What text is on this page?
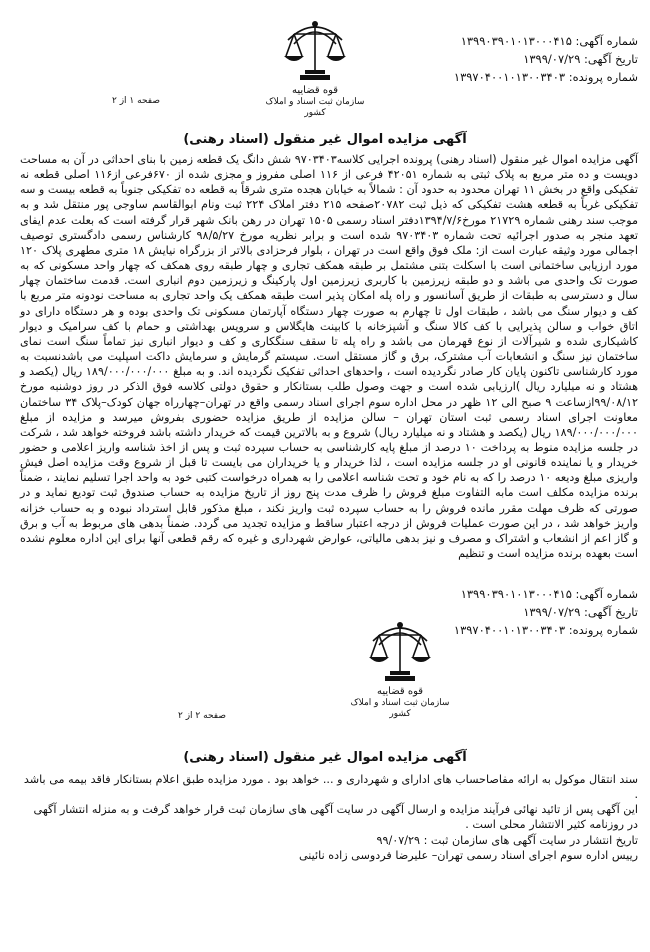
شماره آگهی: ۱۳۹۹۰۳۹۰۱۰۱۳۰۰۰۴۱۵
تاریخ آگهی: ۱۳۹۹/۰۷/۲۹
شماره پرونده: ۱۳۹۷۰۴۰۰۱۰۱۳۰۰۳۴۰۳
قوه قضاییه
سازمان ثبت اسناد و املاک کشور
صفحه ۱ از ۲
آگهی مزایده اموال غیر منقول (اسناد رهنی)

آگهی مزایده اموال غیر منقول (اسناد رهنی) پرونده اجرایی کلاسه۹۷۰۳۴۰۳ شش دانگ یک قطعه زمین با بنای احداثی در آن به مساحت دویست و ده متر مربع به پلاک ثبتی به شماره ۴۲۰۵۱ فرعی از ۱۱۶ اصلی مفروز و مجزی شده از ۶۷۰فرعی از۱۱۶ اصلی قطعه نه تفکیکی واقع در بخش ۱۱ تهران محدود به حدود آن : شمالاً به خیابان هجده متری شرقاً به قطعه ده تفکیکی جنوباً به قطعه بیست و سه تفکیکی غرباً به قطعه هشت تفکیکی که ذیل ثبت ۲۰۷۸۲صفحه ۲۱۵ دفتر املاک ۲۲۴ ثبت ونام ابوالقاسم ساوجی پور منتقل شد و به موجب سند رهنی شماره ۲۱۷۲۹ مورخ۱۳۹۴/۷/۶دفتر اسناد رسمی ۱۵۰۵ تهران در رهن بانک شهر قرار گرفته است که بعلت عدم ایفای تعهد منجر به صدور اجرائیه تحت شماره ۹۷۰۳۴۰۳ شده است و برابر نظریه مورخ ۹۸/۵/۲۷ کارشناس رسمی دادگستری توصیف اجمالی مورد وثیقه عبارت است از: ملک فوق واقع است در تهران ، بلوار فرحزادی بالاتر از بزرگراه نیایش ۱۸ متری مطهری پلاک ۱۲۰ مورد ارزیابی ساختمانی است با اسکلت بتنی مشتمل بر طبقه همکف تجاری و چهار طبقه روی همکف که چهار واحد مسکونی که به صورت تک واحدی می باشد و دو طبقه زیرزمین با کاربری زیرزمین اول پارکینگ و زیرزمین دوم انباری است. قدمت ساختمان چهار سال و دسترسی به طبقات از طریق آسانسور و راه پله امکان پذیر است طبقه همکف یک واحد تجاری به مساحت نودونه متر مربع با کف و دیوار سنگ می باشد ، طبقات اول تا چهارم به صورت چهار دستگاه آپارتمان مسکونی تک واحدی بوده و هر دستگاه دارای دو اتاق خواب و سالن پذیرایی با کف کالا سنگ و آشپزخانه با کابینت هایگلاس و سرویس بهداشتی و حمام با کف سرامیک و دیوار کاشیکاری شده و شیرآلات از نوع قهرمان می باشد و راه پله تا سقف سنگکاری و کف و دیوار انباری نیز تماماً سنگ است نمای ساختمان نیز سنگ و انشعابات آب مشترک، برق و گاز مستقل است. سیستم گرمایش و سرمایش داکت اسپلیت می باشدنسبت به مورد کارشناسی تاکنون پایان کار صادر نگردیده است ، واحدهای احداثی تفکیک نگردیده اند. و به مبلغ ۱۸۹/۰۰۰/۰۰۰/۰۰۰ ریال (یکصد و هشتاد و نه میلیارد ریال )ارزیابی شده است و جهت وصول طلب بستانکار و حقوق دولتی کلاسه فوق الذکر در روز دوشنبه مورخ ۹۹/۰۸/۱۲ازساعت ۹ صبح الی ۱۲ ظهر در محل اداره سوم اجرای اسناد رسمی واقع در تهران–چهارراه جهان کودک–پلاک ۳۴ ساختمان معاونت اجرای اسناد رسمی ثبت استان تهران – سالن مزایده از طریق مزایده حضوری بفروش میرسد و مزایده از مبلغ ۱۸۹/۰۰۰/۰۰۰/۰۰۰ ریال (یکصد و هشتاد و نه میلیارد ریال) شروع و به بالاترین قیمت که خریدار داشته باشد فروخته خواهد شد ، شرکت در جلسه مزایده منوط به پرداخت ۱۰ درصد از مبلغ پایه کارشناسی به حساب سپرده ثبت و پس از اخذ شناسه واریز اعلامی و حضور خریدار و یا نماینده قانونی او در جلسه مزایده است ، لذا خریدار و یا خریداران می بایست تا قبل از شروع وقت مزایده اصل فیش واریزی مبلغ ودیعه ۱۰ درصد را که به نام خود و تحت شناسه اعلامی را به همراه درخواست کتبی خود به واحد اجرا تسلیم نمایند ، ضمناً برنده مزایده مکلف است مابه التفاوت مبلغ فروش را ظرف مدت پنج روز از تاریخ مزایده به حساب صندوق ثبت تودیع نماید و در صورتی که ظرف مهلت مقرر مانده فروش را به حساب سپرده ثبت واریز نکند ، مبلغ مذکور قابل استرداد نبوده و به حساب خزانه واریز خواهد شد ، در این صورت عملیات فروش از درجه اعتبار ساقط و مزایده تجدید می گردد. ضمناً بدهی های مربوط به آب و برق و گاز اعم از انشعاب و اشتراک و مصرف و نیز بدهی مالیاتی، عوارض شهرداری و غیره که رقم قطعی آنها برای این اداره معلوم نشده است بعهده برنده مزایده است و تنظیم

شماره آگهی: ۱۳۹۹۰۳۹۰۱۰۱۳۰۰۰۴۱۵
تاریخ آگهی: ۱۳۹۹/۰۷/۲۹
شماره پرونده: ۱۳۹۷۰۴۰۰۱۰۱۳۰۰۳۴۰۳
قوه قضاییه
سازمان ثبت اسناد و املاک کشور
صفحه ۲ از ۲
آگهی مزایده اموال غیر منقول (اسناد رهنی)

سند انتقال موکول به ارائه مفاصاحساب های ادارای و شهرداری و ... خواهد بود . مورد مزایده طبق اعلام بستانکار فاقد بیمه می باشد .

این آگهی پس از تائید نهائی فرآیند مزایده و ارسال آگهی در سایت آگهی های سازمان ثبت قرار خواهد گرفت و به منزله انتشار آگهی در روزنامه کثیر الانتشار محلی است .

تاریخ انتشار در سایت آگهی های سازمان ثبت : ۹۹/۰۷/۲۹

رییس اداره سوم اجرای اسناد رسمی تهران– علیرضا فردوسی زاده نائینی
